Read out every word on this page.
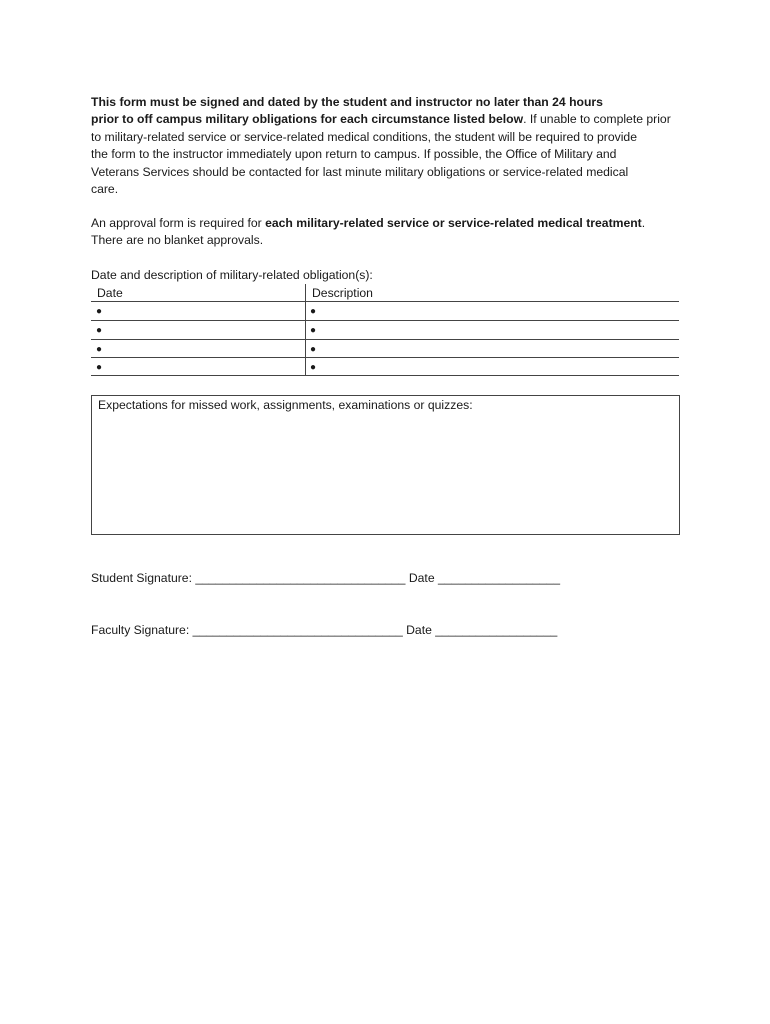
This form must be signed and dated by the student and instructor no later than 24 hours
prior to off campus military obligations for each circumstance listed below. If unable to complete prior
to military-related service or service-related medical conditions, the student will be required to provide
the form to the instructor immediately upon return to campus. If possible, the Office of Military and
Veterans Services should be contacted for last minute military obligations or service-related medical
care.

An approval form is required for each military-related service or service-related medical treatment.
There are no blanket approvals.

Date and description of military-related obligation(s):
Date	Description
●	●
●	●
●	●
●	●
Expectations for missed work, assignments, examinations or quizzes:
Student Signature: _______________________________ Date __________________
Faculty Signature: _______________________________ Date __________________
